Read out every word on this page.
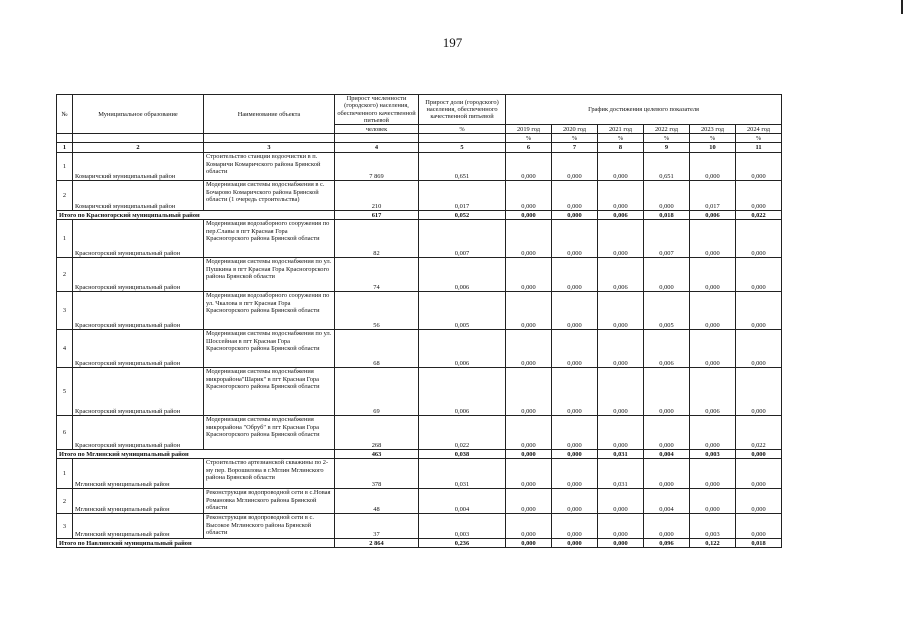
197
№	Муниципальное образование	Наименование объекта	Прирост численности (городского) населения, обеспеченного качественной питьевой	Прирост доли (городского) населения, обеспеченного качественной питьевой	График достижения целевого показателя					
			человек	%	2019 год	2020 год	2021 год	2022 год	2023 год	2024 год
					%	%	%	%	%	%
1	2	3	4	5	6	7	8	9	10	11
1	Комаричский муниципальный район	Строительство станции водоочистки в п. Комаричи Комаричского района Брянской области	7 869	0,651	0,000	0,000	0,000	0,651	0,000	0,000
2	Комаричский муниципальный район	Модернизация системы водоснабжения в с. Бочарово Комаричского района Брянской области (1 очередь строительства)	210	0,017	0,000	0,000	0,000	0,000	0,017	0,000
Итого по Красногорский муниципальный район			617	0,052	0,000	0,000	0,006	0,018	0,006	0,022
1	Красногорский муниципальный район	Модернизация водозаборного сооружения по пер.Славы в пгт Красная Гора Красногорского района Брянской области	82	0,007	0,000	0,000	0,000	0,007	0,000	0,000
2	Красногорский муниципальный район	Модернизация системы водоснабжения по ул. Пушкина в пгт Красная Гора Красногорского района Брянской области	74	0,006	0,000	0,000	0,006	0,000	0,000	0,000
3	Красногорский муниципальный район	Модернизация водозаборного сооружения по ул. Чкалова в пгт Красная Гора Красногорского района Брянской области	56	0,005	0,000	0,000	0,000	0,005	0,000	0,000
4	Красногорский муниципальный район	Модернизация системы водоснабжения по ул. Шоссейная в пгт Красная Гора Красногорского района Брянской области	68	0,006	0,000	0,000	0,000	0,006	0,000	0,000
5	Красногорский муниципальный район	Модернизация системы водоснабжения микрорайона"Шарик" в пгт Красная Гора Красногорского района Брянской области	69	0,006	0,000	0,000	0,000	0,000	0,006	0,000
6	Красногорский муниципальный район	Модернизация системы водоснабжения микрорайона "Обруб" в пгт Красная Гора Красногорского района Брянской области	268	0,022	0,000	0,000	0,000	0,000	0,000	0,022
Итого по Мглинский муниципальный район			463	0,038	0,000	0,000	0,031	0,004	0,003	0,000
1	Мглинский муниципальный район	Строительство артезианской скважины по 2-му пер. Ворошилова в г.Мглин Мглинского района Брянской области	378	0,031	0,000	0,000	0,031	0,000	0,000	0,000
2	Мглинский муниципальный район	Реконструкция водопроводной сети в с.Новая Романовка Мглинского района Брянской области	48	0,004	0,000	0,000	0,000	0,004	0,000	0,000
3	Мглинский муниципальный район	Реконструкция водопроводной сети в с. Высокое Мглинского района Брянской области	37	0,003	0,000	0,000	0,000	0,000	0,003	0,000
Итого по Навлинский муниципальный район			2 864	0,236	0,000	0,000	0,000	0,096	0,122	0,018
